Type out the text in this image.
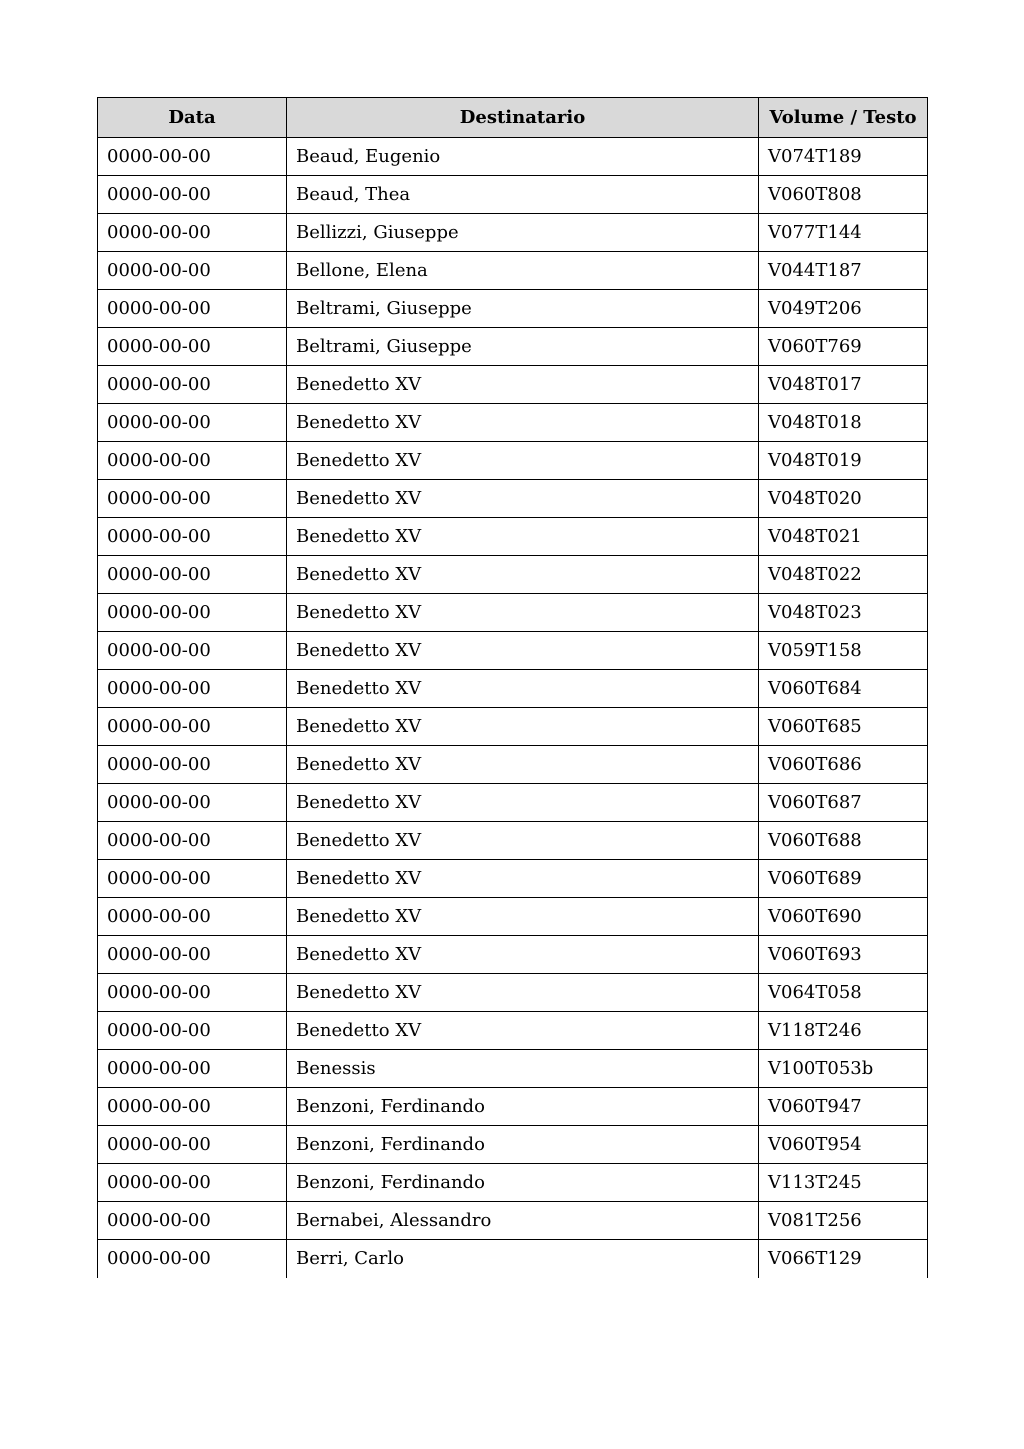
Data	Destinatario	Volume / Testo
0000-00-00	Beaud, Eugenio	V074T189
0000-00-00	Beaud, Thea	V060T808
0000-00-00	Bellizzi, Giuseppe	V077T144
0000-00-00	Bellone, Elena	V044T187
0000-00-00	Beltrami, Giuseppe	V049T206
0000-00-00	Beltrami, Giuseppe	V060T769
0000-00-00	Benedetto XV	V048T017
0000-00-00	Benedetto XV	V048T018
0000-00-00	Benedetto XV	V048T019
0000-00-00	Benedetto XV	V048T020
0000-00-00	Benedetto XV	V048T021
0000-00-00	Benedetto XV	V048T022
0000-00-00	Benedetto XV	V048T023
0000-00-00	Benedetto XV	V059T158
0000-00-00	Benedetto XV	V060T684
0000-00-00	Benedetto XV	V060T685
0000-00-00	Benedetto XV	V060T686
0000-00-00	Benedetto XV	V060T687
0000-00-00	Benedetto XV	V060T688
0000-00-00	Benedetto XV	V060T689
0000-00-00	Benedetto XV	V060T690
0000-00-00	Benedetto XV	V060T693
0000-00-00	Benedetto XV	V064T058
0000-00-00	Benedetto XV	V118T246
0000-00-00	Benessis	V100T053b
0000-00-00	Benzoni, Ferdinando	V060T947
0000-00-00	Benzoni, Ferdinando	V060T954
0000-00-00	Benzoni, Ferdinando	V113T245
0000-00-00	Bernabei, Alessandro	V081T256
0000-00-00	Berri, Carlo	V066T129
